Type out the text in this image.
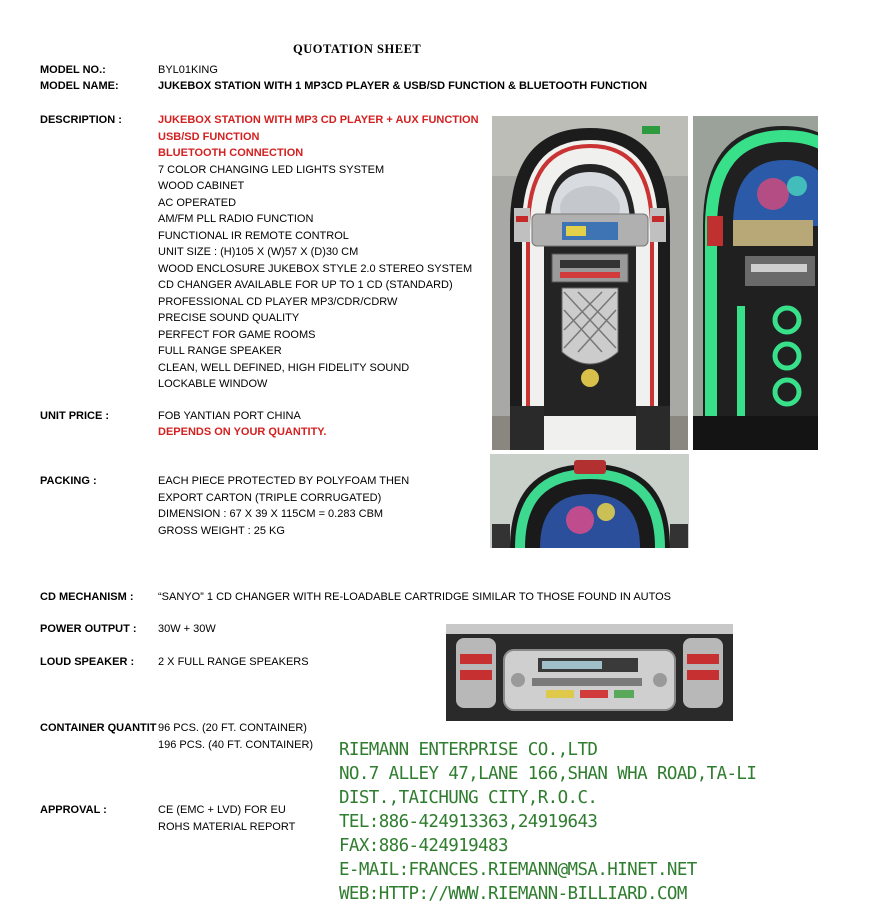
QUOTATION SHEET
MODEL NO.:	BYL01KING
MODEL NAME:	JUKEBOX STATION WITH 1 MP3CD PLAYER & USB/SD FUNCTION & BLUETOOTH FUNCTION
DESCRIPTION :	JUKEBOX STATION WITH MP3 CD PLAYER + AUX FUNCTION
USB/SD FUNCTION
BLUETOOTH CONNECTION
7 COLOR CHANGING LED LIGHTS SYSTEM
WOOD CABINET
AC OPERATED
AM/FM PLL RADIO FUNCTION
FUNCTIONAL IR REMOTE CONTROL
UNIT SIZE : (H)105 X (W)57 X (D)30 CM
WOOD ENCLOSURE JUKEBOX STYLE 2.0 STEREO SYSTEM
CD CHANGER AVAILABLE FOR UP TO 1 CD (STANDARD)
PROFESSIONAL CD PLAYER MP3/CDR/CDRW
PRECISE SOUND QUALITY
PERFECT FOR GAME ROOMS
FULL RANGE SPEAKER
CLEAN, WELL DEFINED, HIGH FIDELITY SOUND
LOCKABLE WINDOW
UNIT PRICE :	FOB YANTIAN PORT CHINA
DEPENDS ON YOUR QUANTITY.
PACKING :	EACH PIECE PROTECTED BY POLYFOAM THEN
EXPORT CARTON (TRIPLE CORRUGATED)
DIMENSION : 67 X 39 X 115CM = 0.283 CBM
GROSS WEIGHT : 25 KG
CD MECHANISM : “SANYO” 1 CD CHANGER WITH RE-LOADABLE CARTRIDGE SIMILAR TO THOSE FOUND IN AUTOS
POWER OUTPUT : 30W + 30W
LOUD SPEAKER : 2 X FULL RANGE SPEAKERS
CONTAINER QUANTIT 96 PCS. (20 FT. CONTAINER)
196 PCS. (40 FT. CONTAINER)
APPROVAL :	CE (EMC + LVD) FOR EU
ROHS MATERIAL REPORT
RIEMANN ENTERPRISE CO.,LTD
NO.7 ALLEY 47,LANE 166,SHAN WHA ROAD,TA-LI
DIST.,TAICHUNG CITY,R.O.C.
TEL:886-424913363,24919643
FAX:886-424919483
E-MAIL:FRANCES.RIEMANN@MSA.HINET.NET
WEB:HTTP://WWW.RIEMANN-BILLIARD.COM
